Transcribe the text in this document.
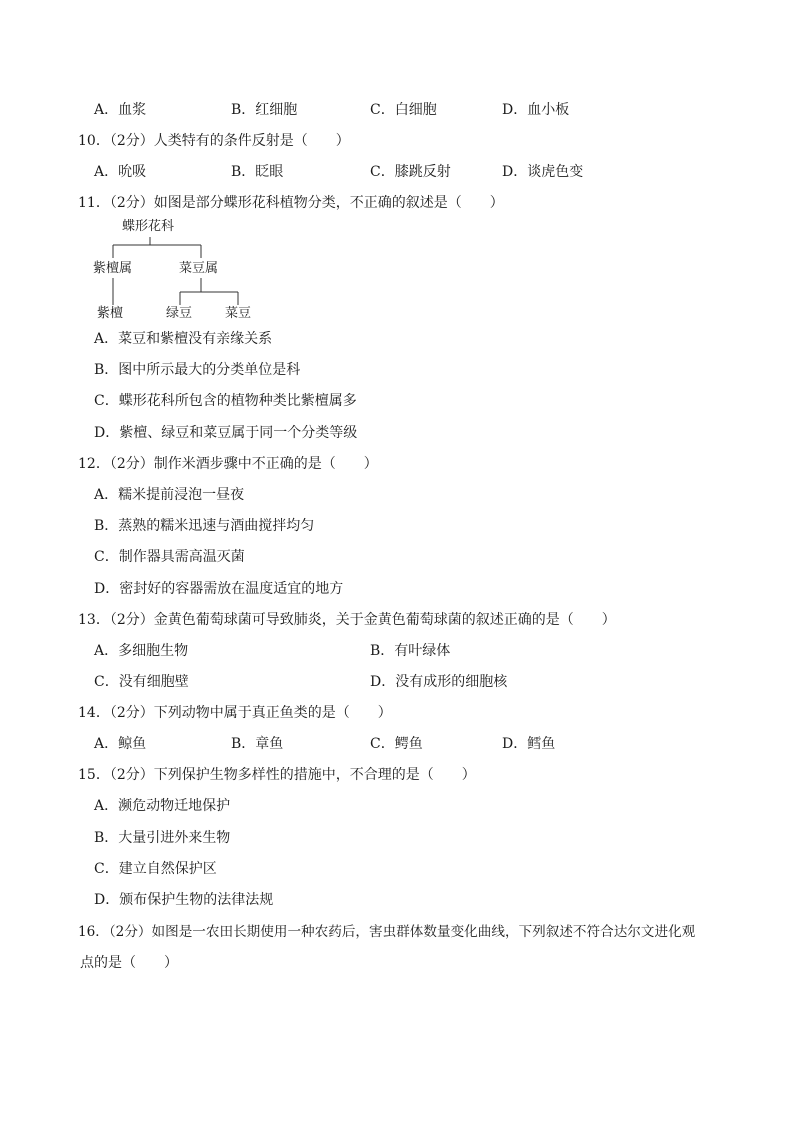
A．血浆	B．红细胞	C．白细胞	D．血小板
10．（2分）人类特有的条件反射是（　　）
A．吮吸	B．眨眼	C．膝跳反射	D．谈虎色变
11．（2分）如图是部分蝶形花科植物分类，不正确的叙述是（　　）
蝶形花科
紫檀属	菜豆属
紫檀	绿豆	菜豆
A．菜豆和紫檀没有亲缘关系
B．图中所示最大的分类单位是科
C．蝶形花科所包含的植物种类比紫檀属多
D．紫檀、绿豆和菜豆属于同一个分类等级
12．（2分）制作米酒步骤中不正确的是（　　）
A．糯米提前浸泡一昼夜
B．蒸熟的糯米迅速与酒曲搅拌均匀
C．制作器具需高温灭菌
D．密封好的容器需放在温度适宜的地方
13．（2分）金黄色葡萄球菌可导致肺炎，关于金黄色葡萄球菌的叙述正确的是（　　）
A．多细胞生物	B．有叶绿体
C．没有细胞壁	D．没有成形的细胞核
14．（2分）下列动物中属于真正鱼类的是（　　）
A．鲸鱼	B．章鱼	C．鳄鱼	D．鳕鱼
15．（2分）下列保护生物多样性的措施中，不合理的是（　　）
A．濒危动物迁地保护
B．大量引进外来生物
C．建立自然保护区
D．颁布保护生物的法律法规
16．（2分）如图是一农田长期使用一种农药后，害虫群体数量变化曲线，下列叙述不符合达尔文进化观
点的是（　　）
